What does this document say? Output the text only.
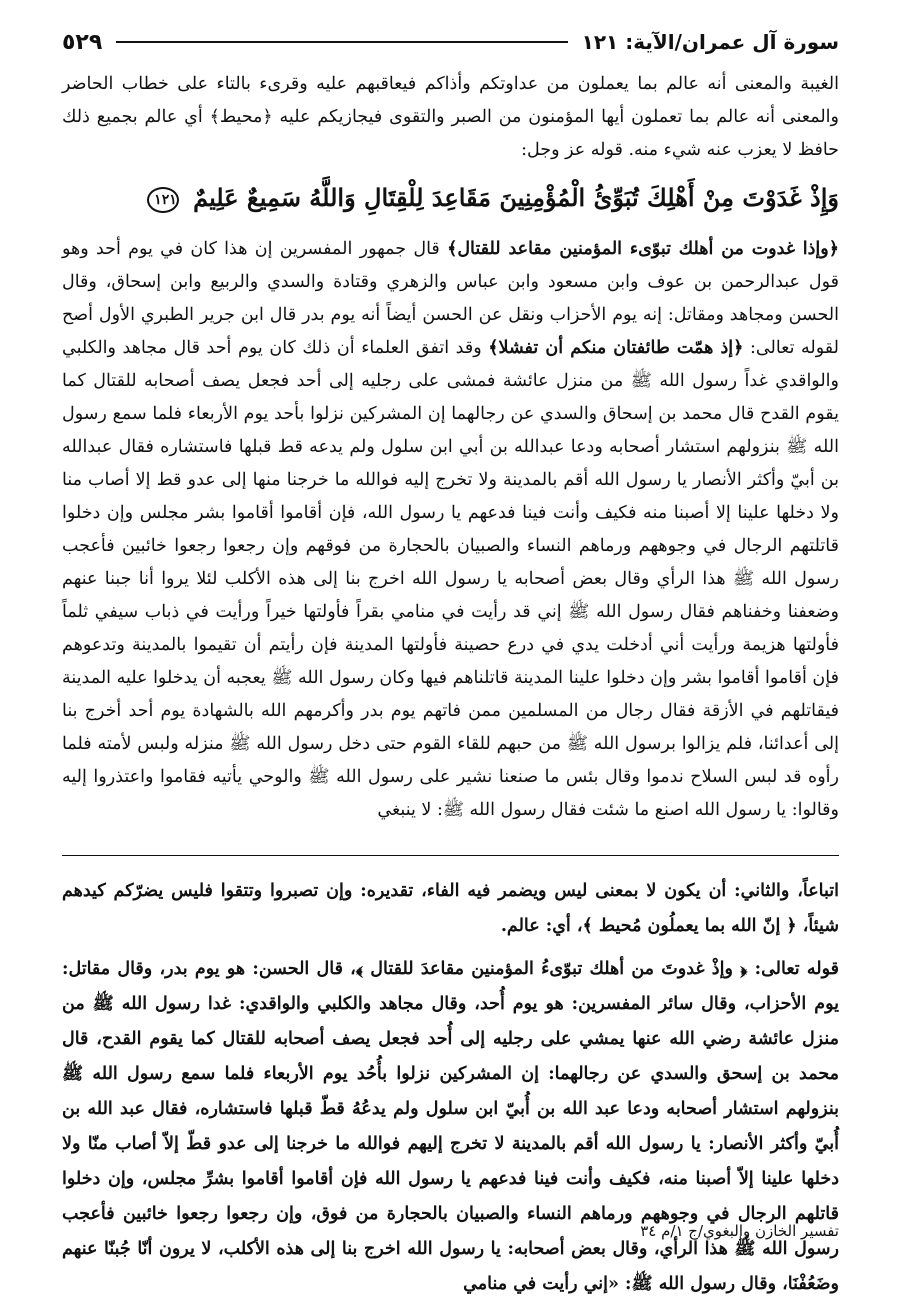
سورة آل عمران/الآية: ١٢١
٥٢٩

الغيبة والمعنى أنه عالم بما يعملون من عداوتكم وأذاكم فيعاقبهم عليه وقرىء بالتاء على خطاب الحاضر والمعنى أنه عالم بما تعملون أيها المؤمنون من الصبر والتقوى فيجازيكم عليه ﴿محيط﴾ أي عالم بجميع ذلك حافظ لا يعزب عنه شيء منه. قوله عز وجل:

وَإِذْ غَدَوْتَ مِنْ أَهْلِكَ تُبَوِّئُ الْمُؤْمِنِينَ مَقَاعِدَ لِلْقِتَالِ وَاللَّهُ سَمِيعٌ عَلِيمٌ ١٢١

﴿وإذا غدوت من أهلك تبوّىء المؤمنين مقاعد للقتال﴾ قال جمهور المفسرين إن هذا كان في يوم أحد وهو قول عبدالرحمن بن عوف وابن مسعود وابن عباس والزهري وقتادة والسدي والربيع وابن إسحاق، وقال الحسن ومجاهد ومقاتل: إنه يوم الأحزاب ونقل عن الحسن أيضاً أنه يوم بدر قال ابن جرير الطبري الأول أصح لقوله تعالى: ﴿إذ همّت طائفتان منكم أن تفشلا﴾ وقد اتفق العلماء أن ذلك كان يوم أحد قال مجاهد والكلبي والواقدي غداً رسول الله ﷺ من منزل عائشة فمشى على رجليه إلى أحد فجعل يصف أصحابه للقتال كما يقوم القدح قال محمد بن إسحاق والسدي عن رجالهما إن المشركين نزلوا بأحد يوم الأربعاء فلما سمع رسول الله ﷺ بنزولهم استشار أصحابه ودعا عبدالله بن أبي ابن سلول ولم يدعه قط قبلها فاستشاره فقال عبدالله بن أبيّ وأكثر الأنصار يا رسول الله أقم بالمدينة ولا تخرج إليه فوالله ما خرجنا منها إلى عدو قط إلا أصاب منا ولا دخلها علينا إلا أصبنا منه فكيف وأنت فينا فدعهم يا رسول الله، فإن أقاموا أقاموا بشر مجلس وإن دخلوا قاتلتهم الرجال في وجوههم ورماهم النساء والصبيان بالحجارة من فوقهم وإن رجعوا رجعوا خائبين فأعجب رسول الله ﷺ هذا الرأي وقال بعض أصحابه يا رسول الله اخرج بنا إلى هذه الأكلب لئلا يروا أنا جبنا عنهم وضعفنا وخفناهم فقال رسول الله ﷺ إني قد رأيت في منامي بقراً فأولتها خيراً ورأيت في ذباب سيفي ثلماً فأولتها هزيمة ورأيت أني أدخلت يدي في درع حصينة فأولتها المدينة فإن رأيتم أن تقيموا بالمدينة وتدعوهم فإن أقاموا أقاموا بشر وإن دخلوا علينا المدينة قاتلناهم فيها وكان رسول الله ﷺ يعجبه أن يدخلوا عليه المدينة فيقاتلهم في الأزقة فقال رجال من المسلمين ممن فاتهم يوم بدر وأكرمهم الله بالشهادة يوم أحد أخرج بنا إلى أعدائنا، فلم يزالوا برسول الله ﷺ من حبهم للقاء القوم حتى دخل رسول الله ﷺ منزله ولبس لأمته فلما رأوه قد لبس السلاح ندموا وقال بئس ما صنعنا نشير على رسول الله ﷺ والوحي يأتيه فقاموا واعتذروا إليه وقالوا: يا رسول الله اصنع ما شئت فقال رسول الله ﷺ: لا ينبغي

اتباعاً، والثاني: أن يكون لا بمعنى ليس ويضمر فيه الفاء، تقديره: وإن تصبروا وتتقوا فليس يضرّكم كيدهم شيئاً، ﴿ إنّ الله بما يعملُون مُحيط ﴾، أي: عالم.

قوله تعالى: ﴿ وإذْ غدوتَ من أهلك تبوّىءُ المؤمنين مقاعدَ للقتال ﴾، قال الحسن: هو يوم بدر، وقال مقاتل: يوم الأحزاب، وقال سائر المفسرين: هو يوم أُحد، وقال مجاهد والكلبي والواقدي: غدا رسول الله ﷺ من منزل عائشة رضي الله عنها يمشي على رجليه إلى أُحد فجعل يصف أصحابه للقتال كما يقوم القدح، قال محمد بن إسحق والسدي عن رجالهما: إن المشركين نزلوا بأُحُد يوم الأربعاء فلما سمع رسول الله ﷺ بنزولهم استشار أصحابه ودعا عبد الله بن أُبيّ ابن سلول ولم يدعُهُ قطّ قبلها فاستشاره، فقال عبد الله بن أُبيّ وأكثر الأنصار: يا رسول الله أقم بالمدينة لا تخرج إليهم فوالله ما خرجنا إلى عدو قطّ إلاّ أصاب منّا ولا دخلها علينا إلاّ أصبنا منه، فكيف وأنت فينا فدعهم يا رسول الله فإن أقاموا أقاموا بشرِّ مجلس، وإن دخلوا قاتلهم الرجال في وجوههم ورماهم النساء والصبيان بالحجارة من فوق، وإن رجعوا رجعوا خائبين فأعجب رسول الله ﷺ هذا الرأي، وقال بعض أصحابه: يا رسول الله اخرج بنا إلى هذه الأكلب، لا يرون أنّا جُبنّا عنهم وضَعُفْنَا، وقال رسول الله ﷺ: «إني رأيت في منامي

تفسير الخازن والبغوي/ج ١/م ٣٤
